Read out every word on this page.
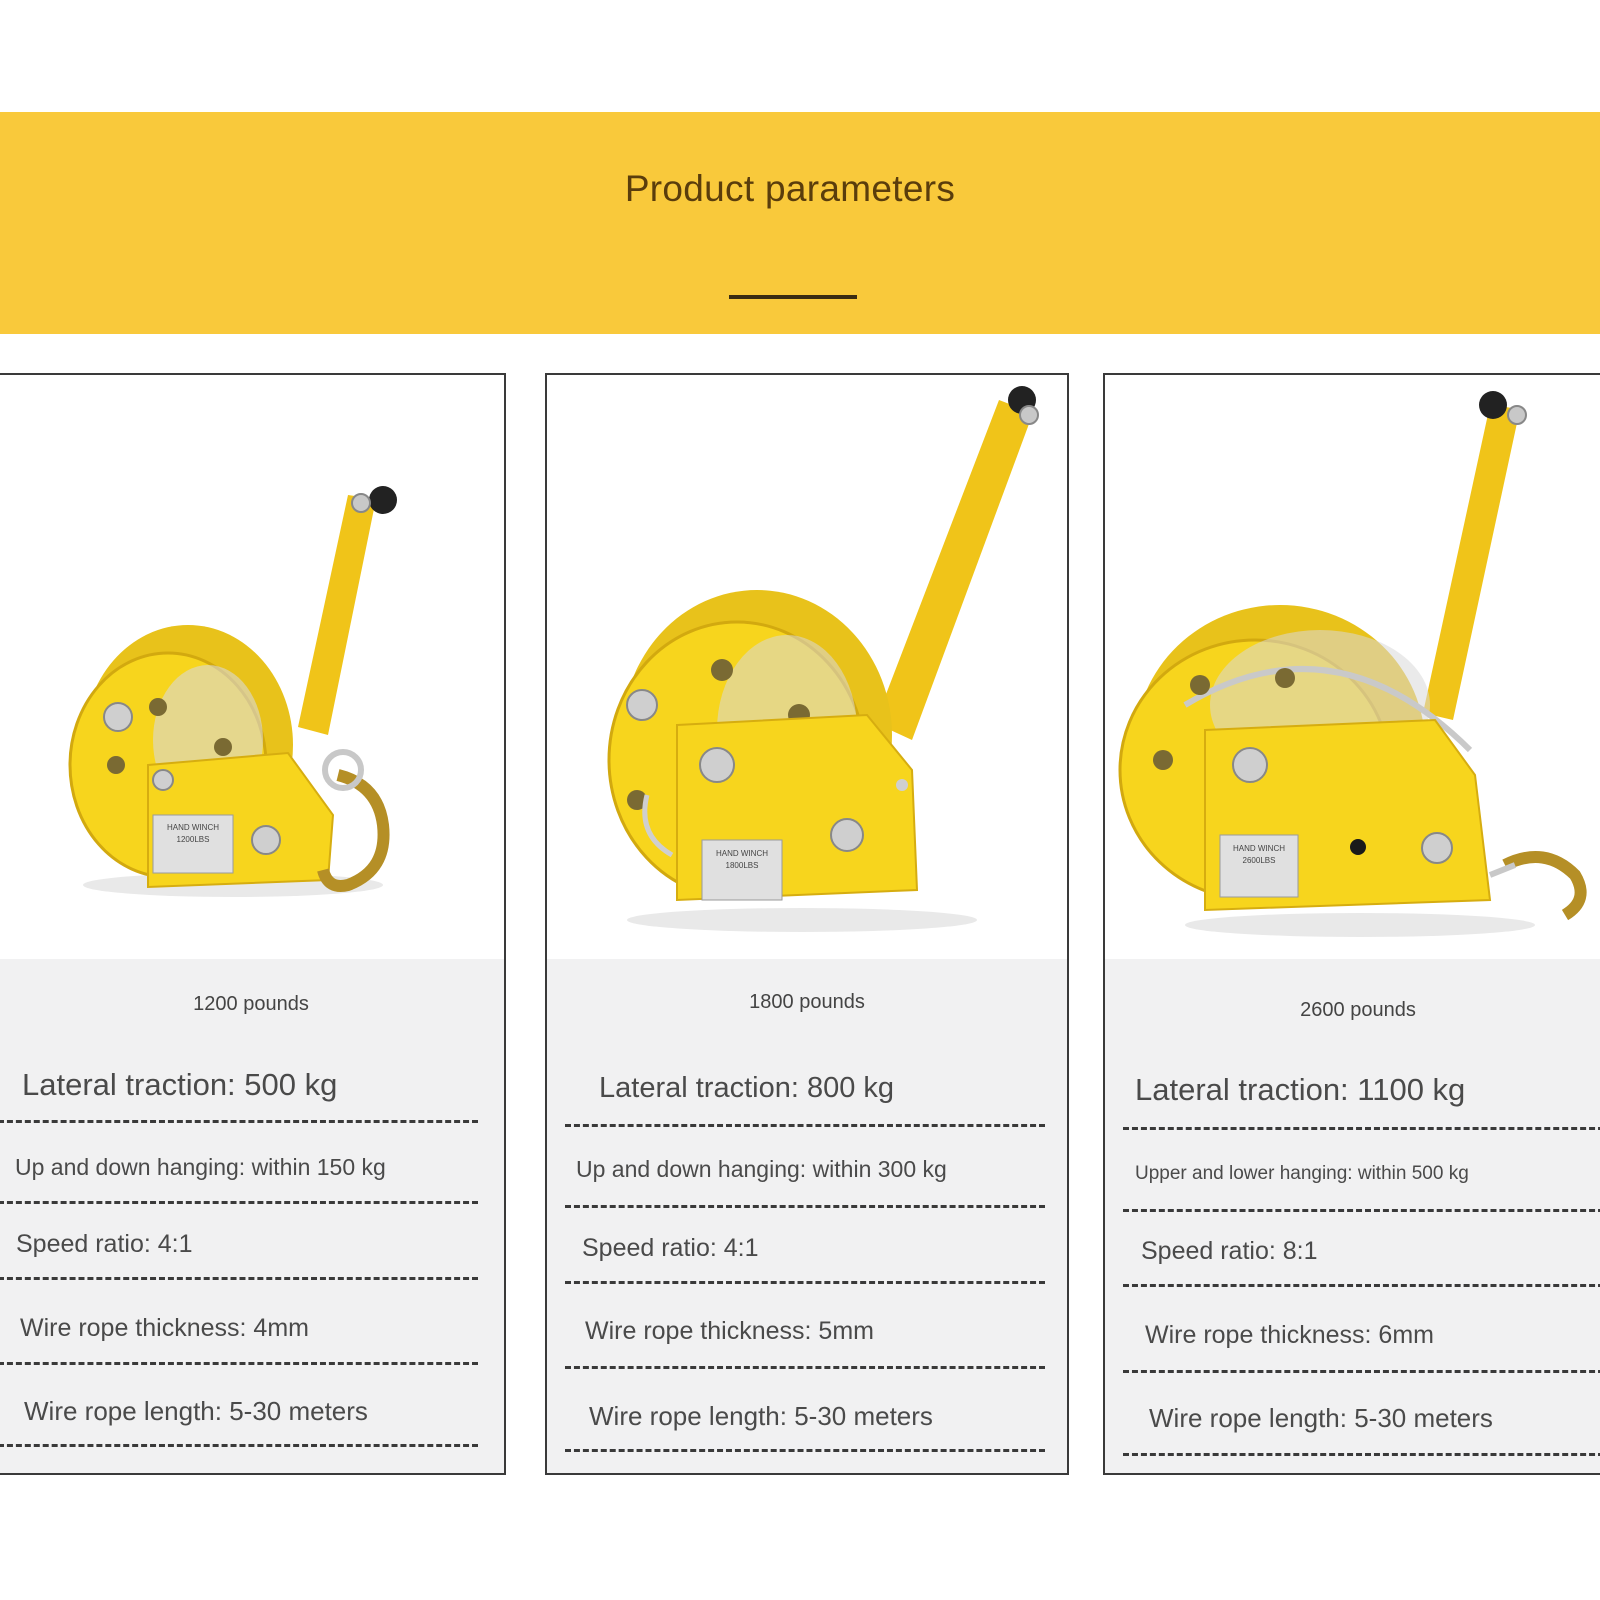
Product parameters
HAND WINCH
1200LBS
1200 pounds
Lateral traction: 500 kg
Up and down hanging: within 150 kg
Speed ratio: 4:1
Wire rope thickness: 4mm
Wire rope length: 5-30 meters
HAND WINCH
1800LBS
1800 pounds
Lateral traction: 800 kg
Up and down hanging: within 300 kg
Speed ratio: 4:1
Wire rope thickness: 5mm
Wire rope length: 5-30 meters
HAND WINCH
2600LBS
2600 pounds
Lateral traction: 1100 kg
Upper and lower hanging: within 500 kg
Speed ratio: 8:1
Wire rope thickness: 6mm
Wire rope length: 5-30 meters
